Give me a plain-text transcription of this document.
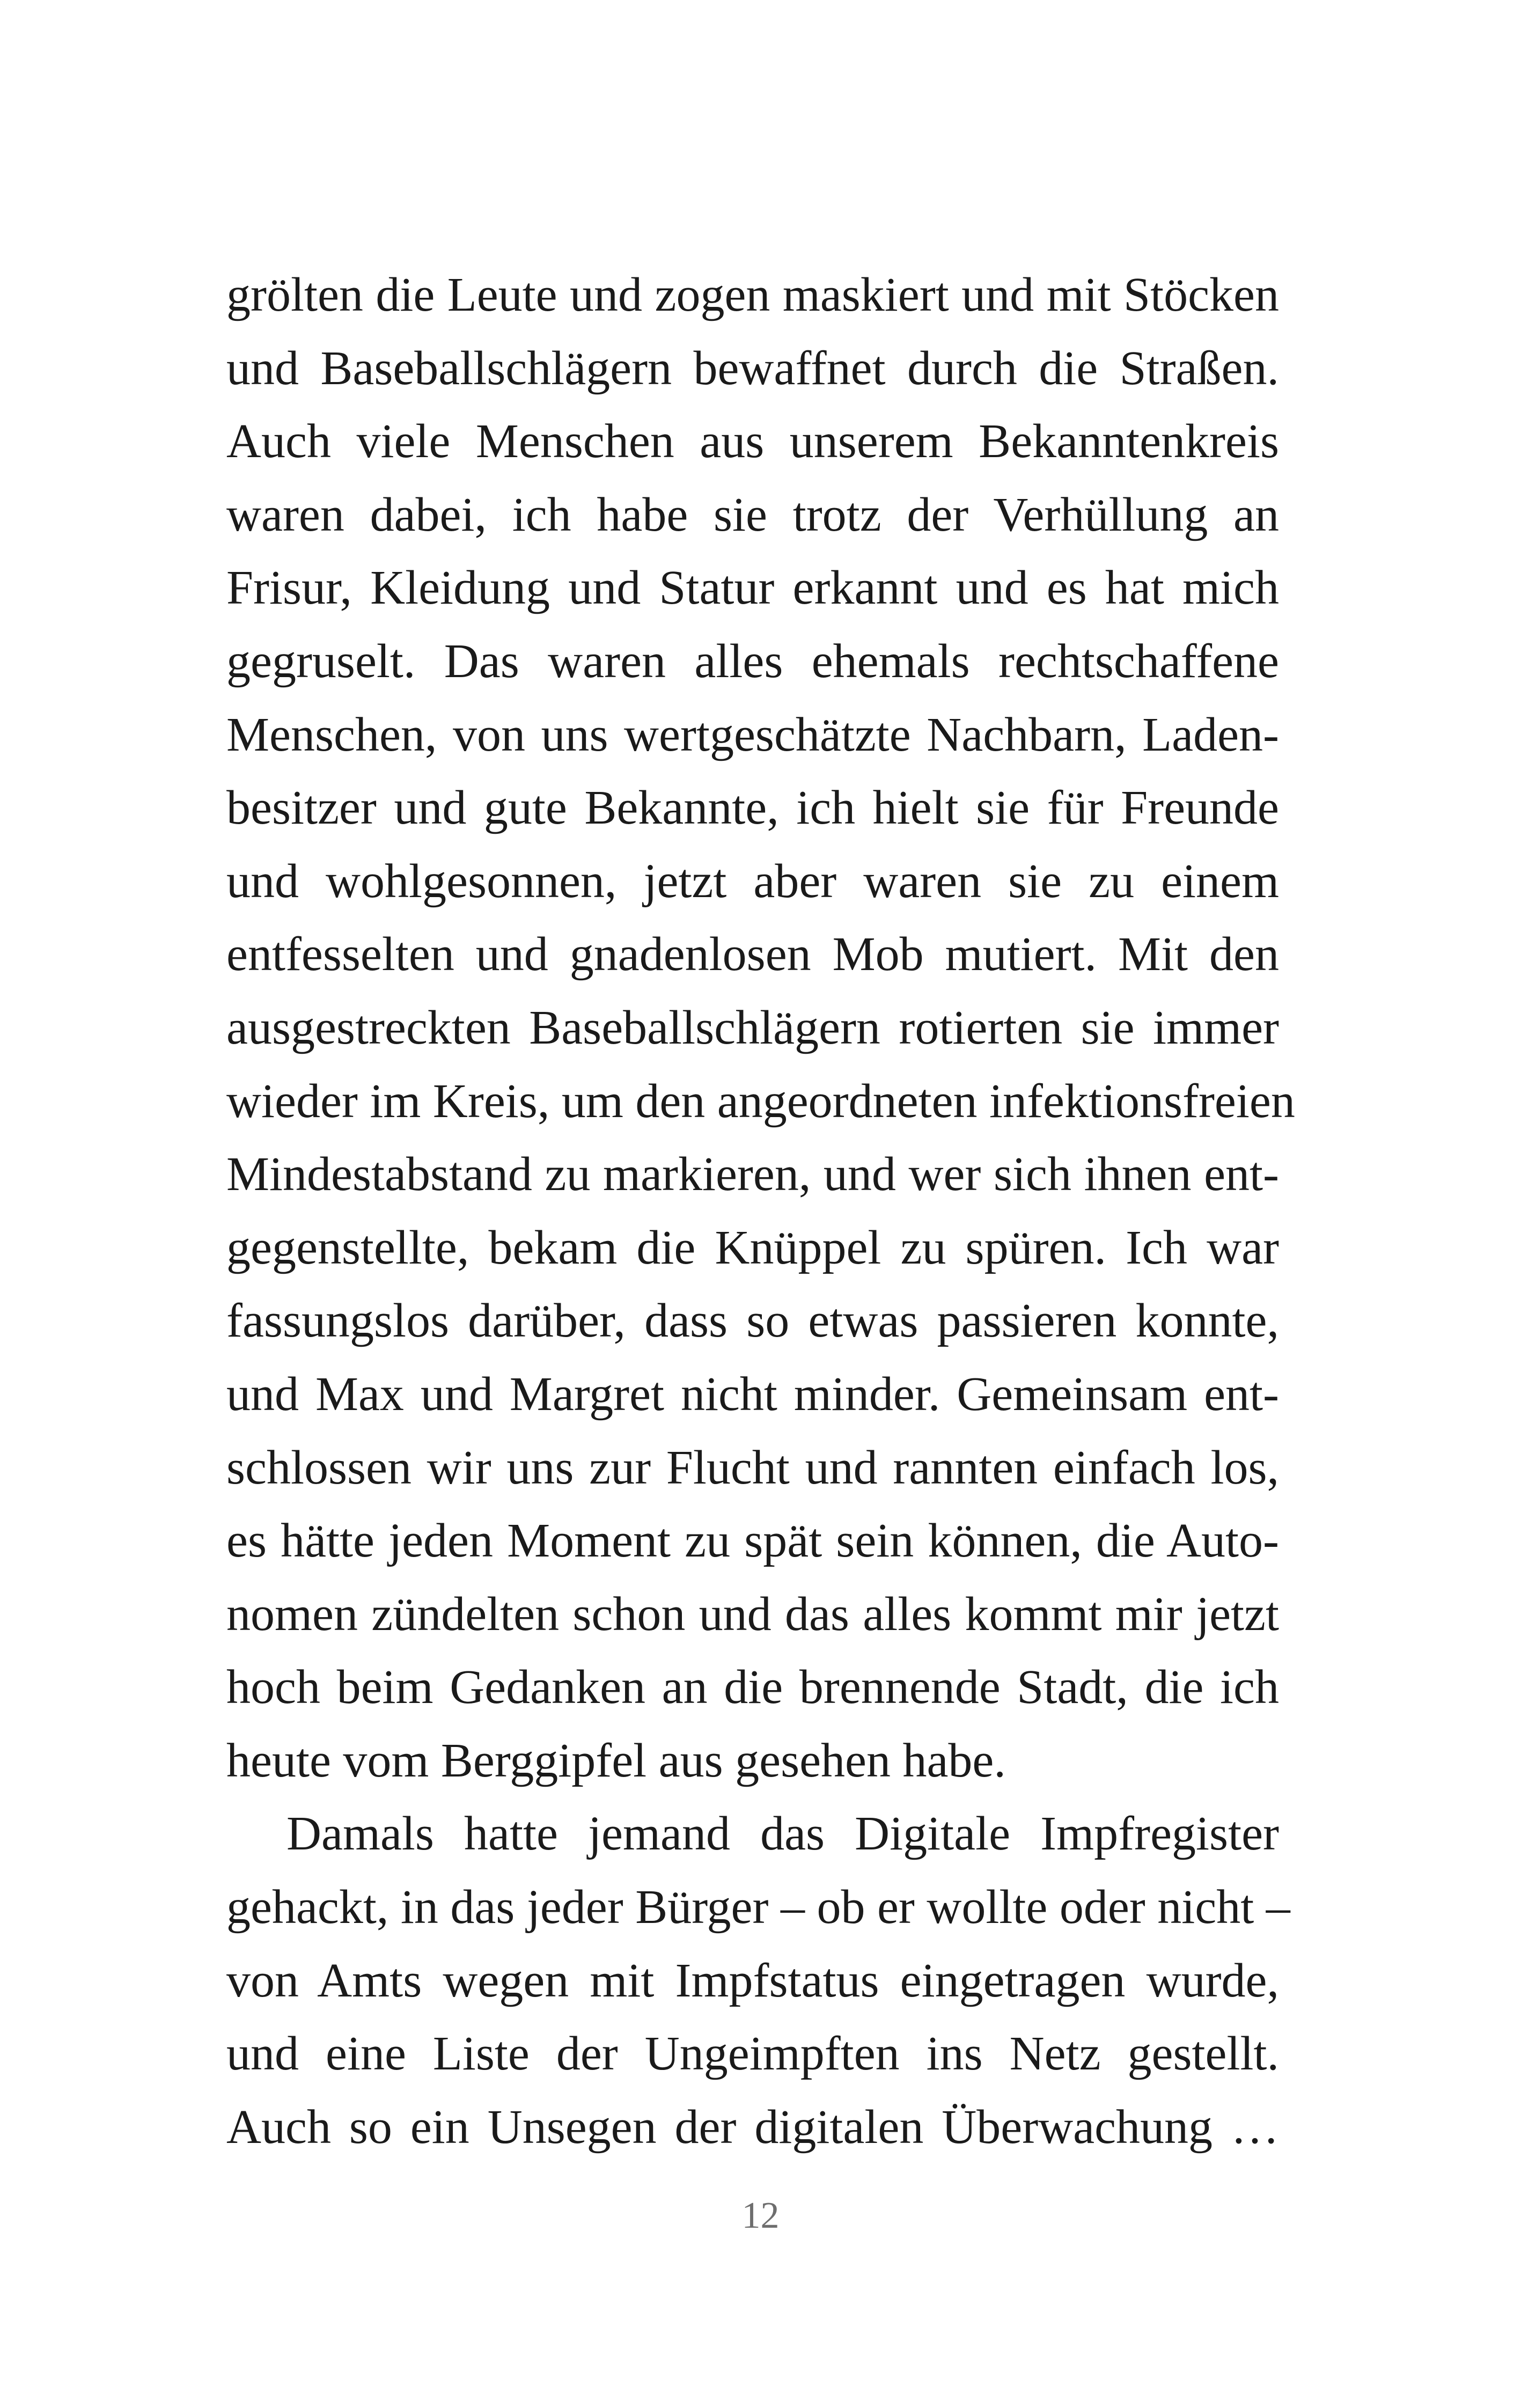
grölten die Leute und zogen maskiert und mit Stöcken
und Baseballschlägern bewaffnet durch die Straßen.
Auch viele Menschen aus unserem Bekanntenkreis
waren dabei, ich habe sie trotz der Verhüllung an
Frisur, Kleidung und Statur erkannt und es hat mich
gegruselt. Das waren alles ehemals rechtschaffene
Menschen, von uns wertgeschätzte Nachbarn, Laden-
besitzer und gute Bekannte, ich hielt sie für Freunde
und wohlgesonnen, jetzt aber waren sie zu einem
entfesselten und gnadenlosen Mob mutiert. Mit den
ausgestreckten Baseballschlägern rotierten sie immer
wieder im Kreis, um den angeordneten infektionsfreien
Mindestabstand zu markieren, und wer sich ihnen ent-
gegenstellte, bekam die Knüppel zu spüren. Ich war
fassungslos darüber, dass so etwas passieren konnte,
und Max und Margret nicht minder. Gemeinsam ent-
schlossen wir uns zur Flucht und rannten einfach los,
es hätte jeden Moment zu spät sein können, die Auto-
nomen zündelten schon und das alles kommt mir jetzt
hoch beim Gedanken an die brennende Stadt, die ich
heute vom Berggipfel aus gesehen habe.
Damals hatte jemand das Digitale Impfregister
gehackt, in das jeder Bürger – ob er wollte oder nicht –
von Amts wegen mit Impfstatus eingetragen wurde,
und eine Liste der Ungeimpften ins Netz gestellt.
Auch so ein Unsegen der digitalen Überwachung …
12
